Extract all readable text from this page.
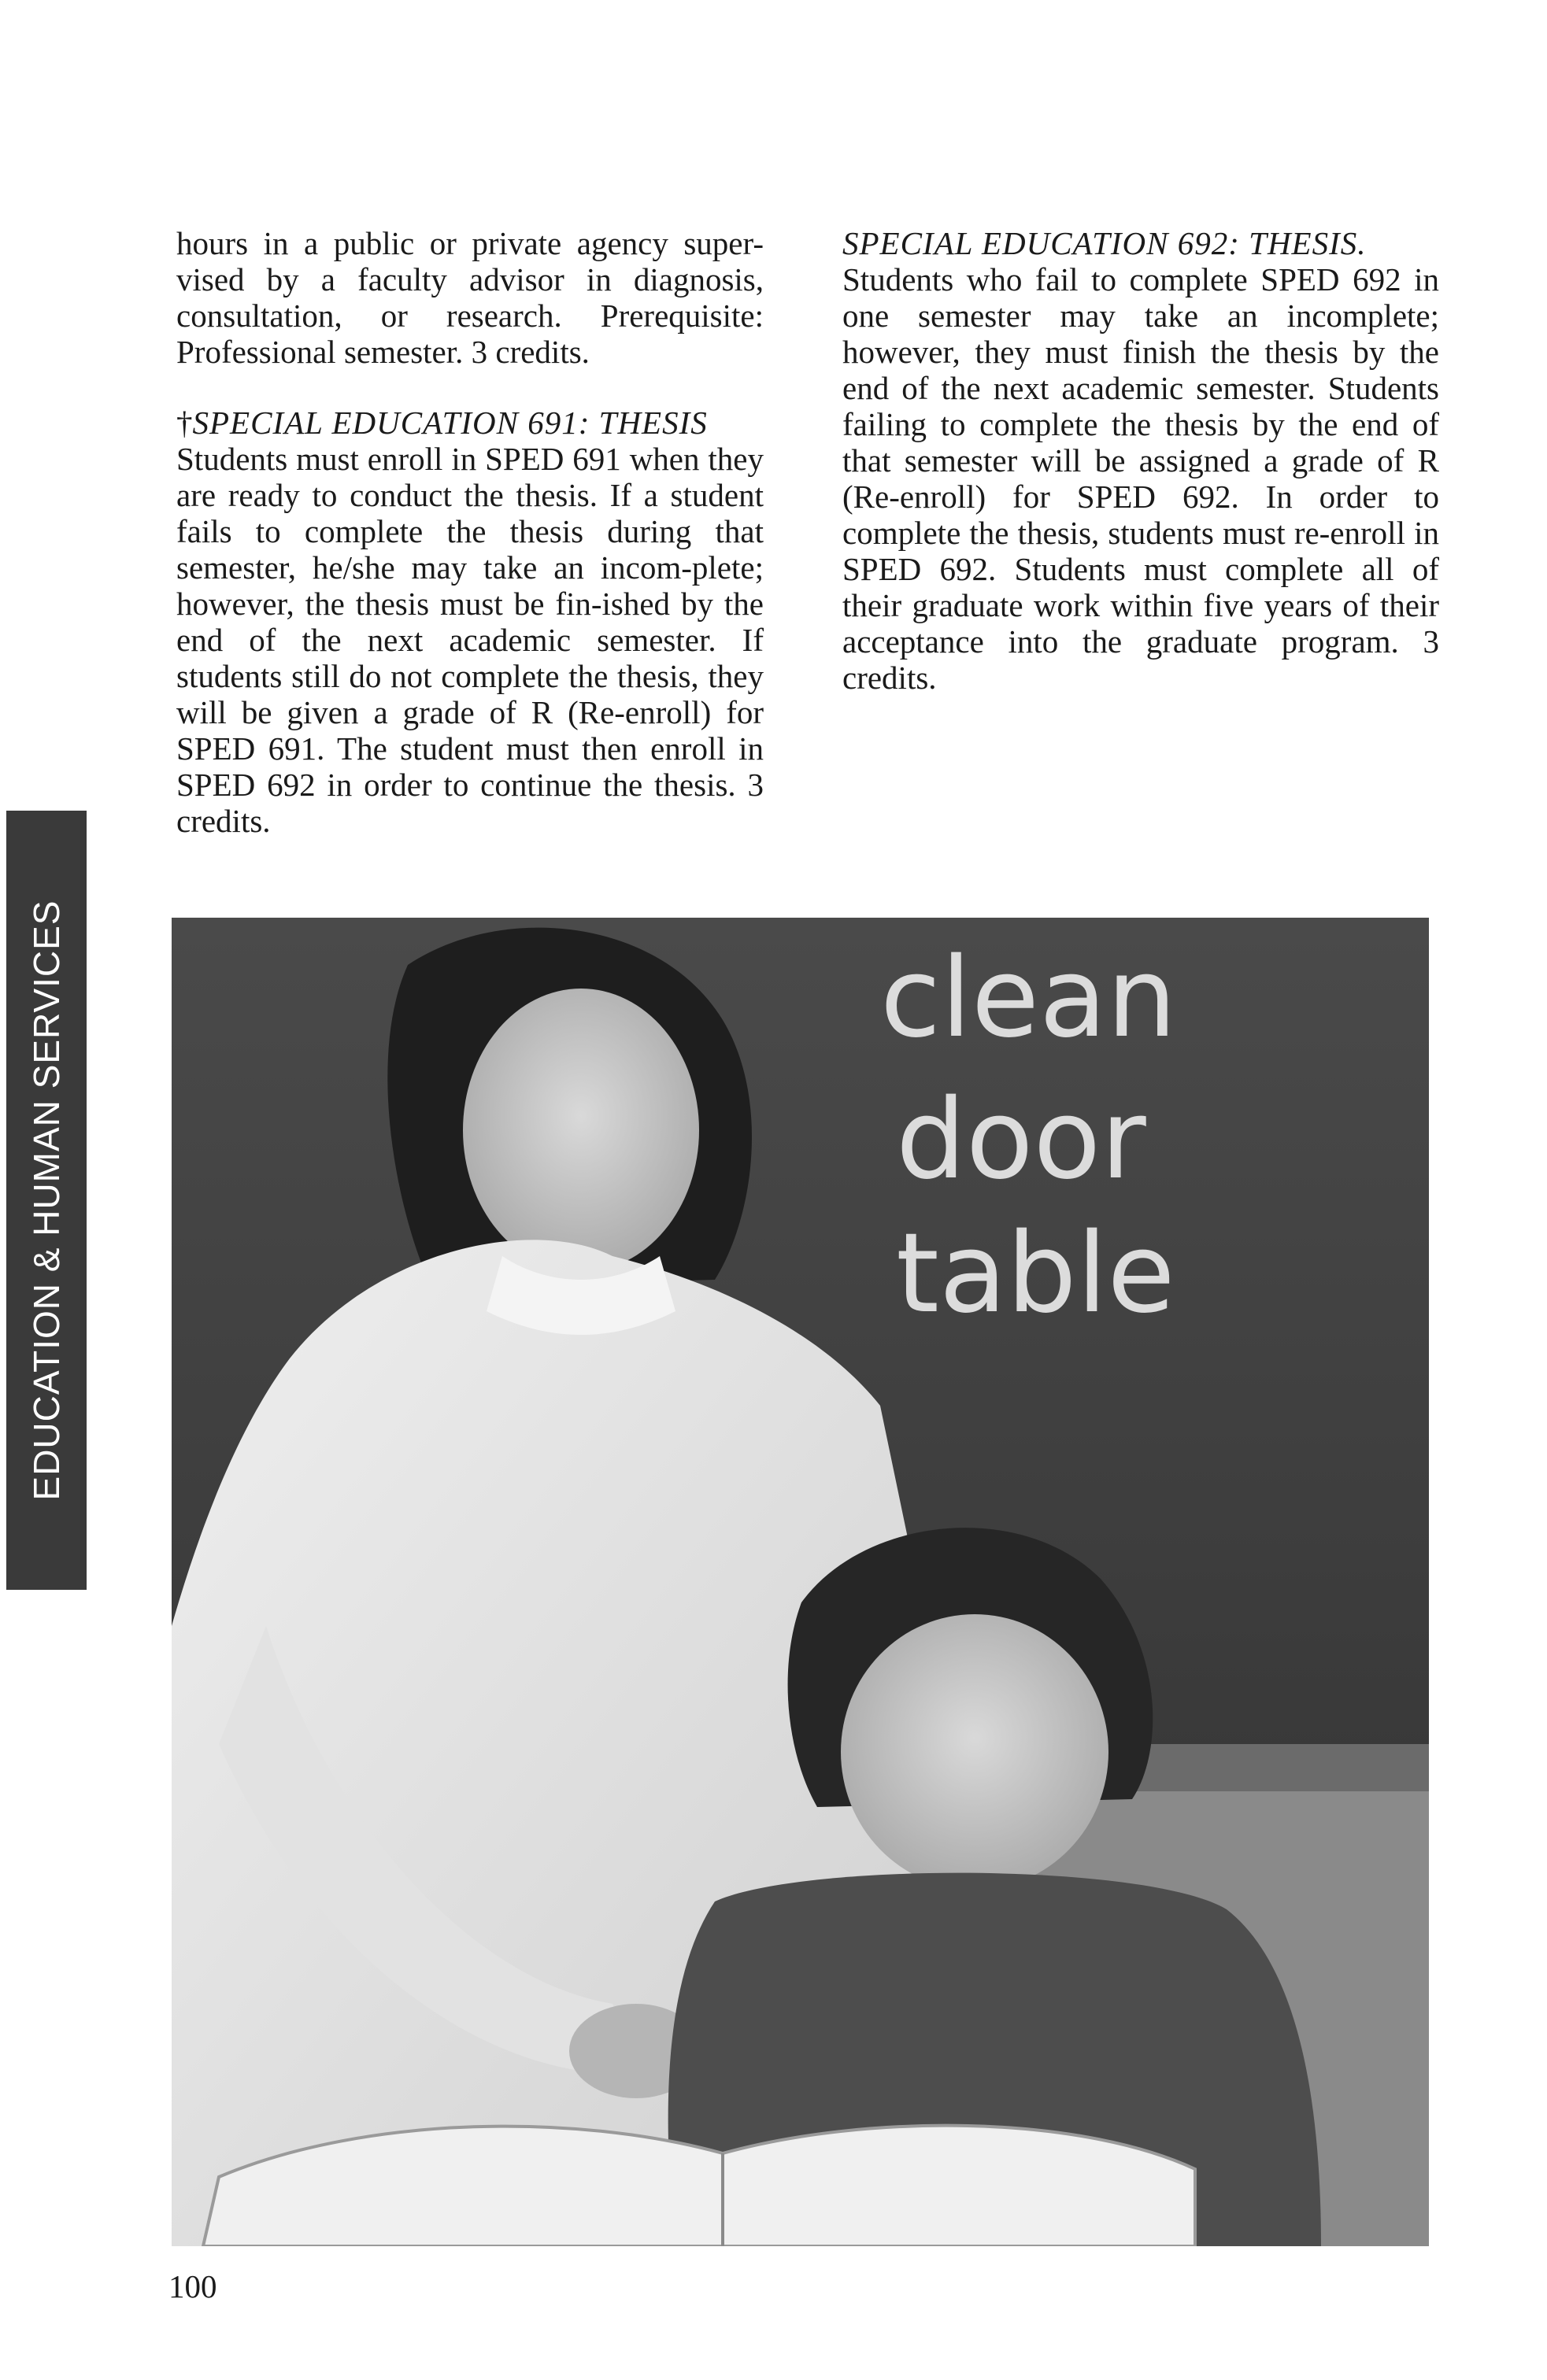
EDUCATION & HUMAN SERVICES

hours in a public or private agency super-vised by a faculty advisor in diagnosis, consultation, or research. Prerequisite: Professional semester. 3 credits.

†SPECIAL EDUCATION 691: THESIS

Students must enroll in SPED 691 when they are ready to conduct the thesis. If a student fails to complete the thesis during that semester, he/she may take an incom-plete; however, the thesis must be fin-ished by the end of the next academic semester. If students still do not complete the thesis, they will be given a grade of R (Re-enroll) for SPED 691. The student must then enroll in SPED 692 in order to continue the thesis. 3 credits.

SPECIAL EDUCATION 692: THESIS.

Students who fail to complete SPED 692 in one semester may take an incomplete; however, they must finish the thesis by the end of the next academic semester. Students failing to complete the thesis by the end of that semester will be assigned a grade of R (Re-enroll) for SPED 692. In order to complete the thesis, students must re-enroll in SPED 692. Students must complete all of their graduate work within five years of their acceptance into the graduate program. 3 credits.

clean
door
table
100
